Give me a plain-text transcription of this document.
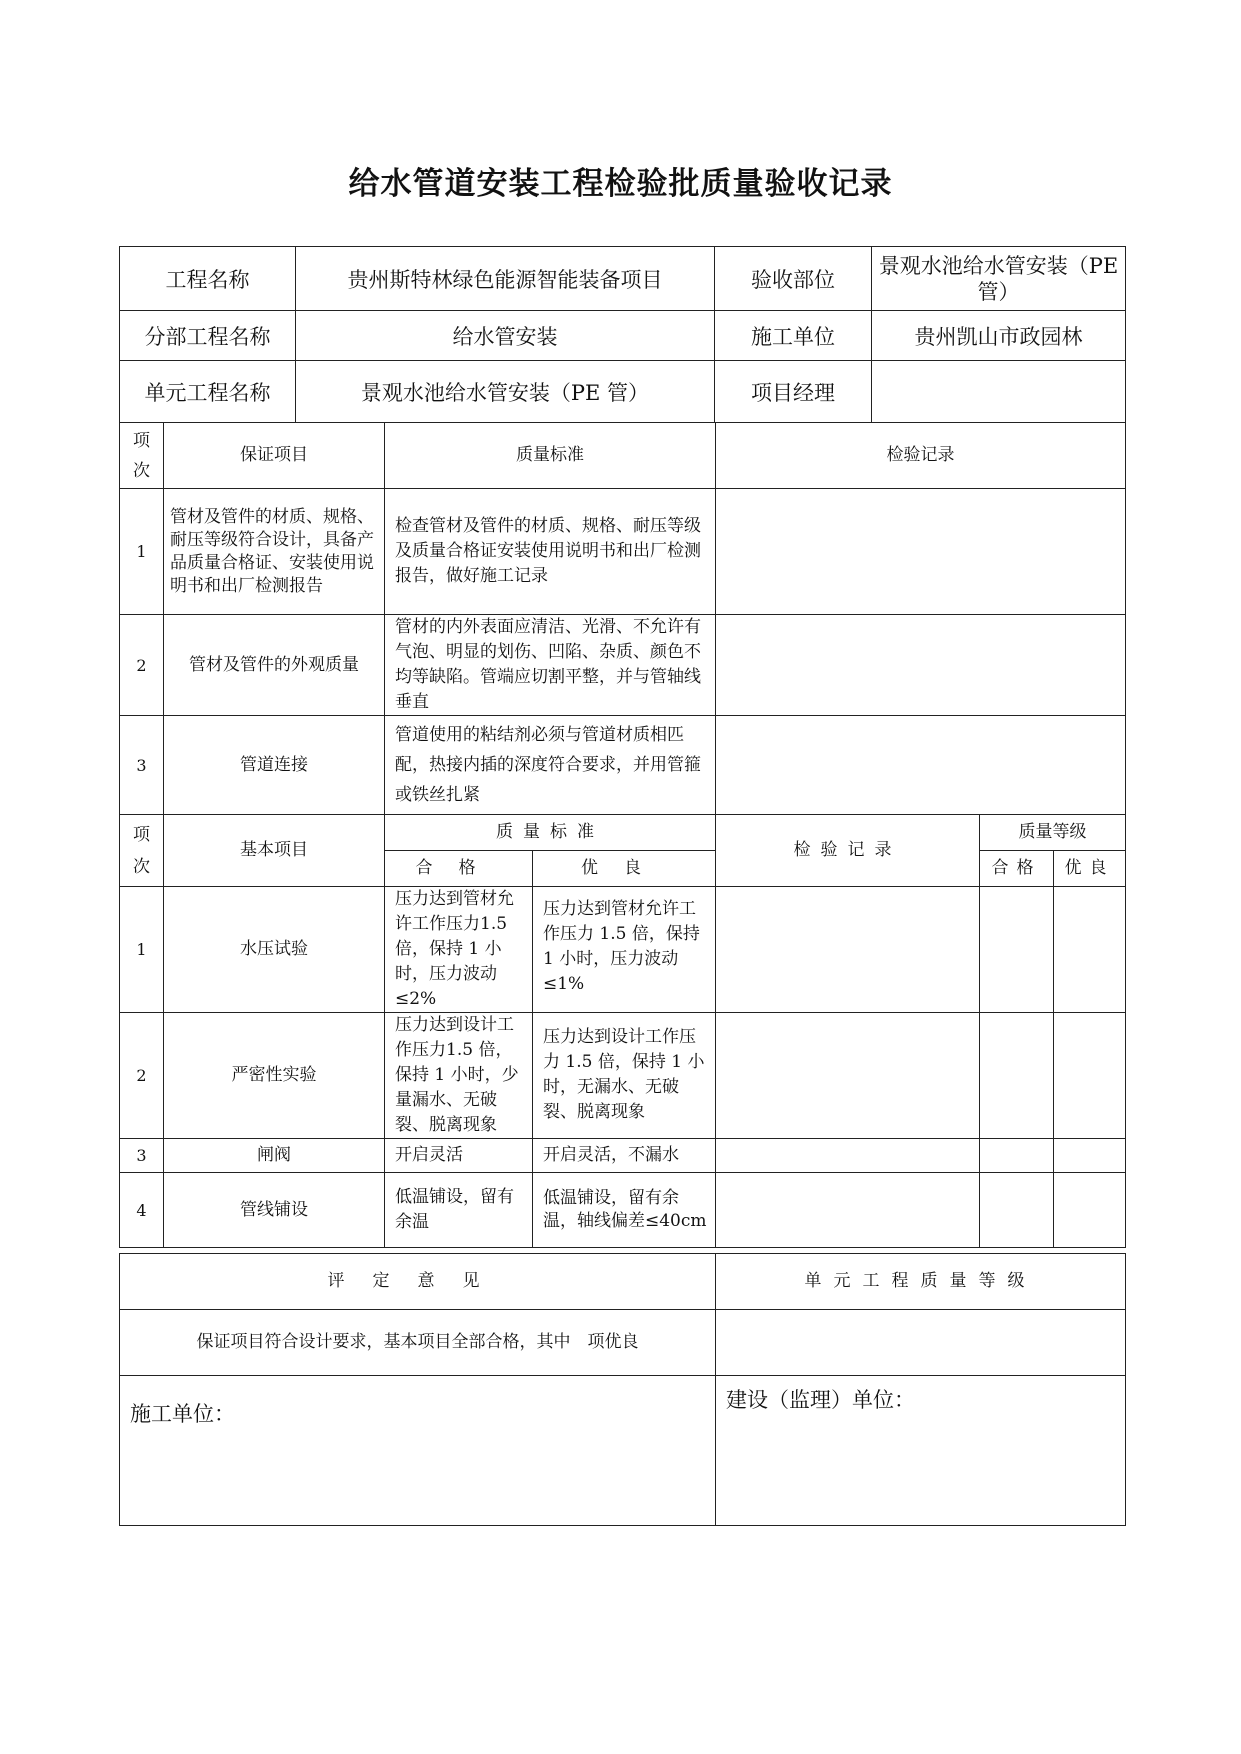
给水管道安装工程检验批质量验收记录
工程名称	贵州斯特林绿色能源智能装备项目	验收部位	景观水池给水管安装（PE 管）
分部工程名称	给水管安装	施工单位	贵州凯山市政园林
单元工程名称	景观水池给水管安装（PE 管）	项目经理	
项次	保证项目	质量标准	检验记录
1	管材及管件的材质、规格、耐压等级符合设计，具备产品质量合格证、安装使用说明书和出厂检测报告	检查管材及管件的材质、规格、耐压等级及质量合格证安装使用说明书和出厂检测报告，做好施工记录	
2	管材及管件的外观质量	管材的内外表面应清洁、光滑、不允许有气泡、明显的划伤、凹陷、杂质、颜色不均等缺陷。管端应切割平整，并与管轴线垂直	
3	管道连接	管道使用的粘结剂必须与管道材质相匹配，热接内插的深度符合要求，并用管箍或铁丝扎紧	
项次	基本项目	质量标准		检验记录	质量等级	
		合格	优良		合格	优良
1	水压试验	压力达到管材允许工作压力1.5 倍，保持 1 小时，压力波动≤2%	压力达到管材允许工作压力 1.5 倍，保持 1 小时，压力波动≤1%			
2	严密性实验	压力达到设计工作压力1.5 倍，保持 1 小时，少量漏水、无破裂、脱离现象	压力达到设计工作压力 1.5 倍，保持 1 小时，无漏水、无破裂、脱离现象			
3	闸阀	开启灵活	开启灵活，不漏水			
4	管线铺设	低温铺设，留有余温	低温铺设，留有余温，轴线偏差≤40cm			
评定意见	单元工程质量等级
保证项目符合设计要求，基本项目全部合格，其中　项优良	
施工单位：	建设（监理）单位：
